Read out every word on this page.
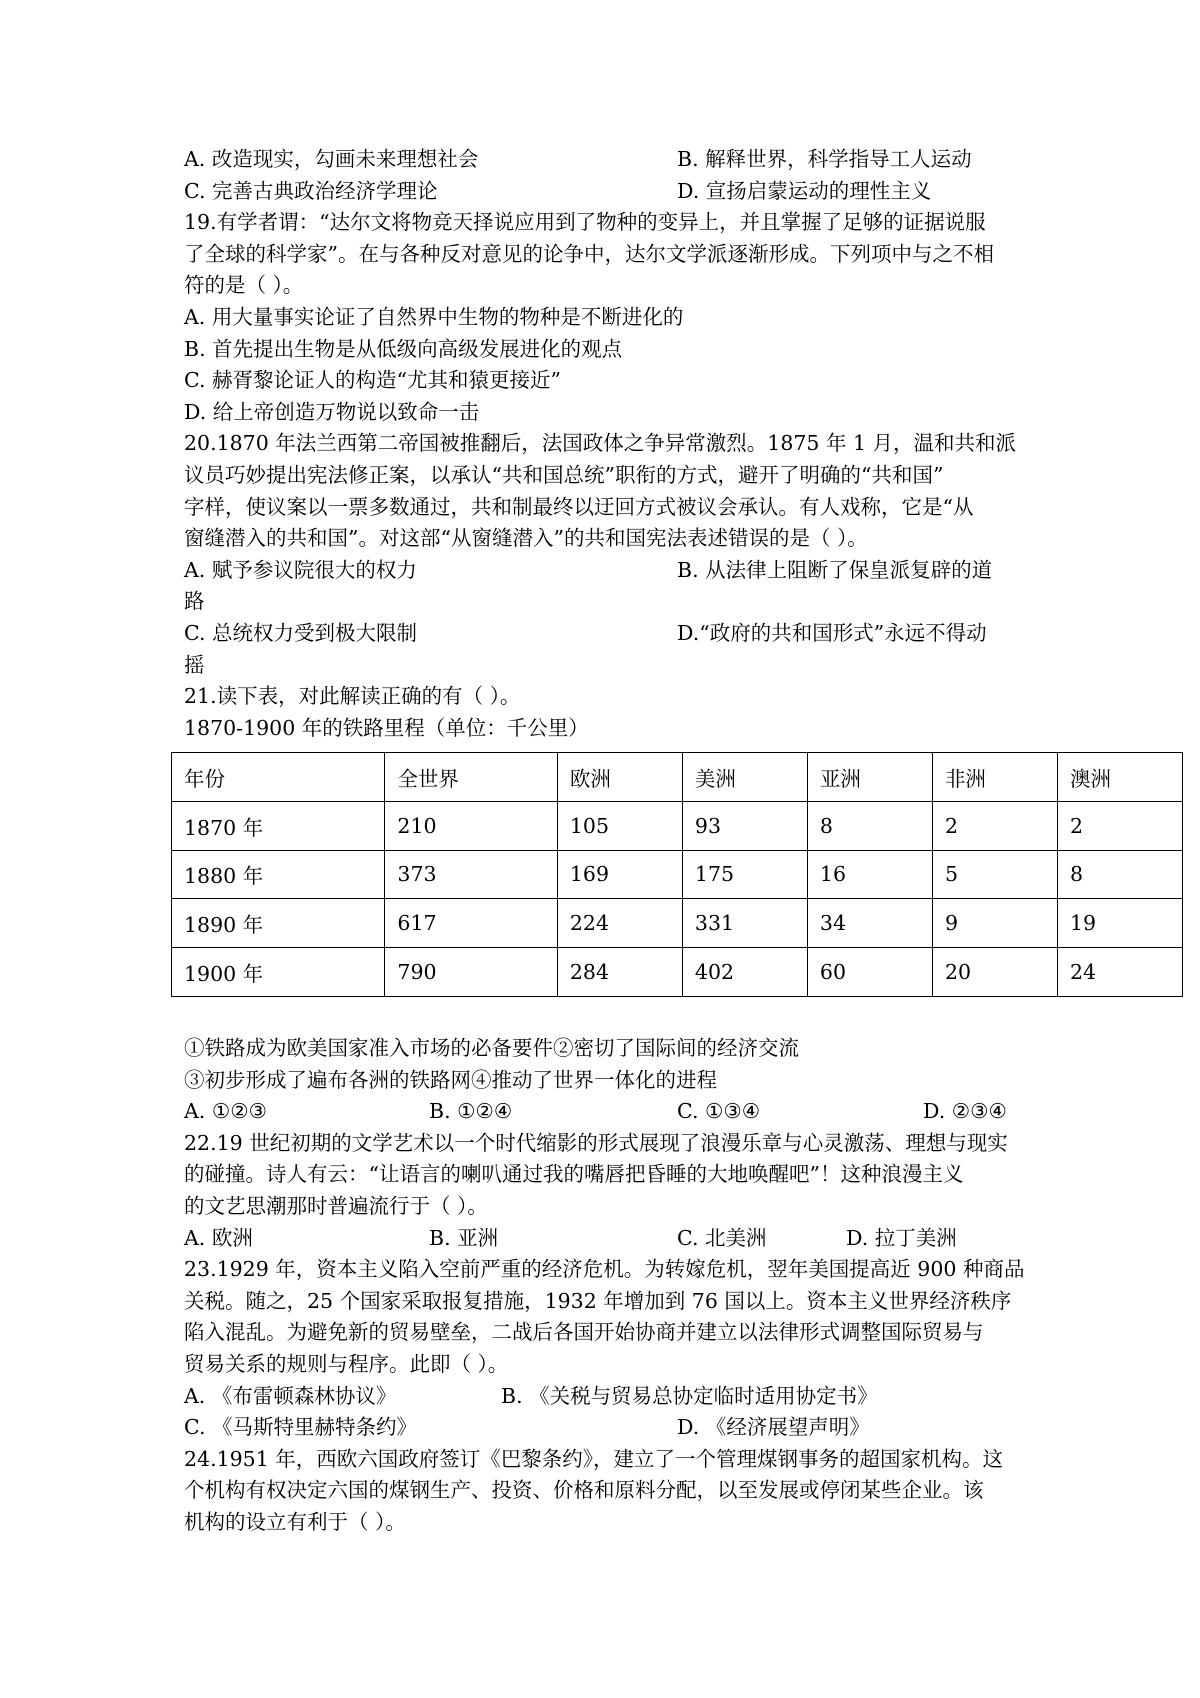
A. 改造现实，勾画未来理想社会	B. 解释世界，科学指导工人运动
C. 完善古典政治经济学理论	D. 宣扬启蒙运动的理性主义
19.有学者谓：“达尔文将物竞天择说应用到了物种的变异上，并且掌握了足够的证据说服
了全球的科学家”。在与各种反对意见的论争中，达尔文学派逐渐形成。下列项中与之不相
符的是（ ）。
A. 用大量事实论证了自然界中生物的物种是不断进化的
B. 首先提出生物是从低级向高级发展进化的观点
C. 赫胥黎论证人的构造“尤其和猿更接近”
D. 给上帝创造万物说以致命一击
20.1870 年法兰西第二帝国被推翻后，法国政体之争异常激烈。1875 年 1 月，温和共和派
议员巧妙提出宪法修正案，以承认“共和国总统”职衔的方式，避开了明确的“共和国”
字样，使议案以一票多数通过，共和制最终以迂回方式被议会承认。有人戏称，它是“从
窗缝潜入的共和国”。对这部“从窗缝潜入”的共和国宪法表述错误的是（ ）。
A. 赋予参议院很大的权力	B. 从法律上阻断了保皇派复辟的道
路
C. 总统权力受到极大限制	D.“政府的共和国形式”永远不得动
摇
21.读下表，对此解读正确的有（ ）。
1870-1900 年的铁路里程（单位：千公里）
年份	全世界	欧洲	美洲	亚洲	非洲	澳洲
1870 年	210	105	93	8	2	2
1880 年	373	169	175	16	5	8
1890 年	617	224	331	34	9	19
1900 年	790	284	402	60	20	24
①铁路成为欧美国家准入市场的必备要件②密切了国际间的经济交流
③初步形成了遍布各洲的铁路网④推动了世界一体化的进程
A. ①②③	B. ①②④	C. ①③④	D. ②③④
22.19 世纪初期的文学艺术以一个时代缩影的形式展现了浪漫乐章与心灵激荡、理想与现实
的碰撞。诗人有云：“让语言的喇叭通过我的嘴唇把昏睡的大地唤醒吧”！这种浪漫主义
的文艺思潮那时普遍流行于（ ）。
A. 欧洲	B. 亚洲	C. 北美洲	D. 拉丁美洲
23.1929 年，资本主义陷入空前严重的经济危机。为转嫁危机，翌年美国提高近 900 种商品
关税。随之，25 个国家采取报复措施，1932 年增加到 76 国以上。资本主义世界经济秩序
陷入混乱。为避免新的贸易壁垒，二战后各国开始协商并建立以法律形式调整国际贸易与
贸易关系的规则与程序。此即（ ）。
A. 《布雷顿森林协议》	B. 《关税与贸易总协定临时适用协定书》
C. 《马斯特里赫特条约》	D. 《经济展望声明》
24.1951 年，西欧六国政府签订《巴黎条约》，建立了一个管理煤钢事务的超国家机构。这
个机构有权决定六国的煤钢生产、投资、价格和原料分配，以至发展或停闭某些企业。该
机构的设立有利于（ ）。
